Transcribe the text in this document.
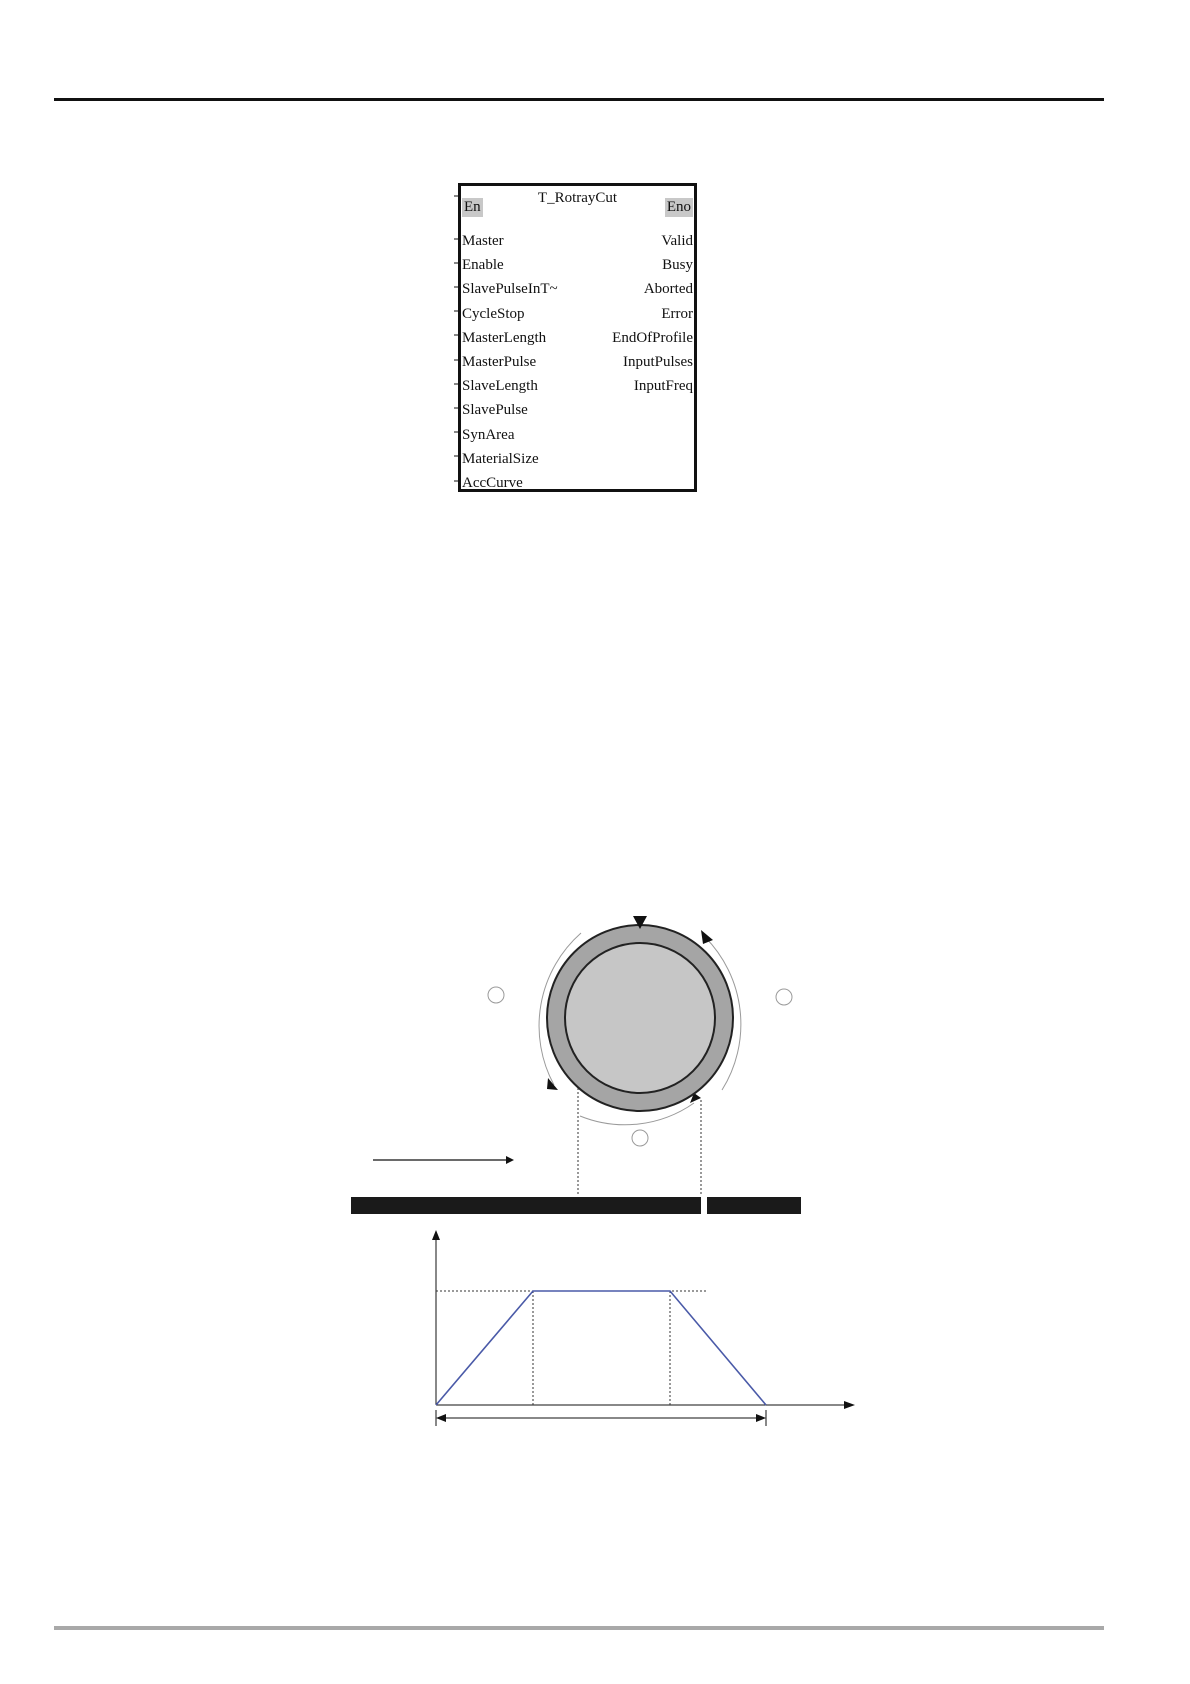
T_RotrayCut
En	Eno
Master
Enable
SlavePulseInT~
CycleStop
MasterLength
MasterPulse
SlaveLength
SlavePulse
SynArea
MaterialSize
AccCurve
Valid
Busy
Aborted
Error
EndOfProfile
InputPulses
InputFreq
